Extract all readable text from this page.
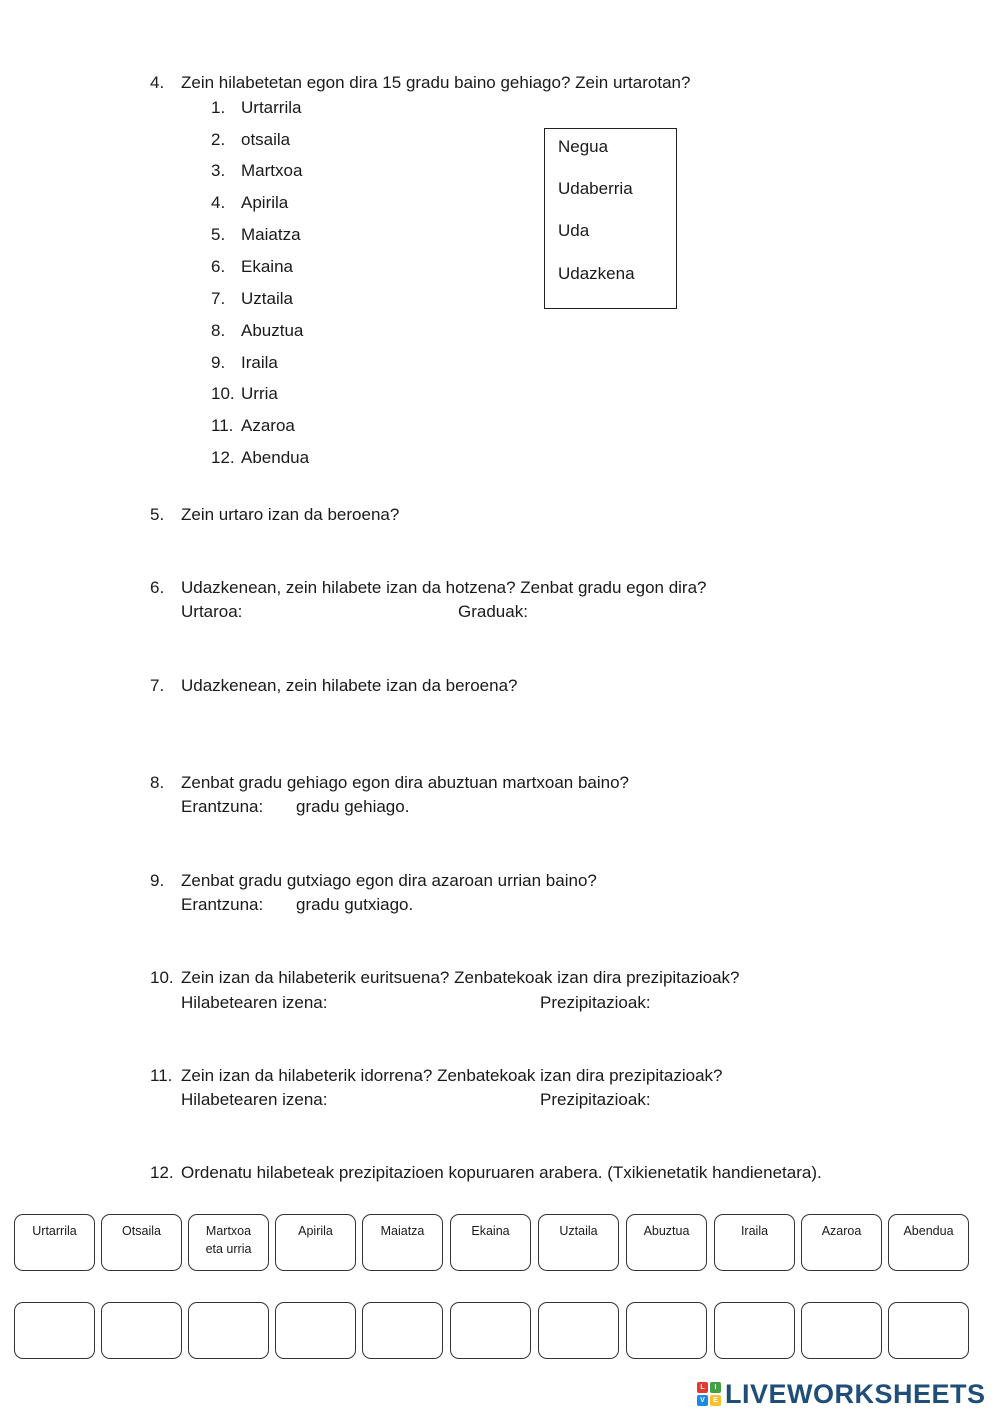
4. Zein hilabetetan egon dira 15 gradu baino gehiago? Zein urtarotan?
1. Urtarrila
2. otsaila
3. Martxoa
4. Apirila
5. Maiatza
6. Ekaina
7. Uztaila
8. Abuztua
9. Iraila
10. Urria
11. Azaroa
12. Abendua
Negua
Udaberria
Uda
Udazkena
5. Zein urtaro izan da beroena?
6. Udazkenean, zein hilabete izan da hotzena? Zenbat gradu egon dira?
Urtaroa:	Graduak:
7. Udazkenean, zein hilabete izan da beroena?
8. Zenbat gradu gehiago egon dira abuztuan martxoan baino?
Erantzuna: gradu gehiago.
9. Zenbat gradu gutxiago egon dira azaroan urrian baino?
Erantzuna: gradu gutxiago.
10. Zein izan da hilabeterik euritsuena? Zenbatekoak izan dira prezipitazioak?
Hilabetearen izena:	Prezipitazioak:
11. Zein izan da hilabeterik idorrena? Zenbatekoak izan dira prezipitazioak?
Hilabetearen izena:	Prezipitazioak:
12. Ordenatu hilabeteak prezipitazioen kopuruaren arabera. (Txikienetatik handienetara).
Urtarrila	Otsaila	Martxoa
eta urria
Apirila	Maiatza	Ekaina	Uztaila	Abuztua	Iraila	Azaroa	Abendua
L	I
V	E LIVEWORKSHEETS
